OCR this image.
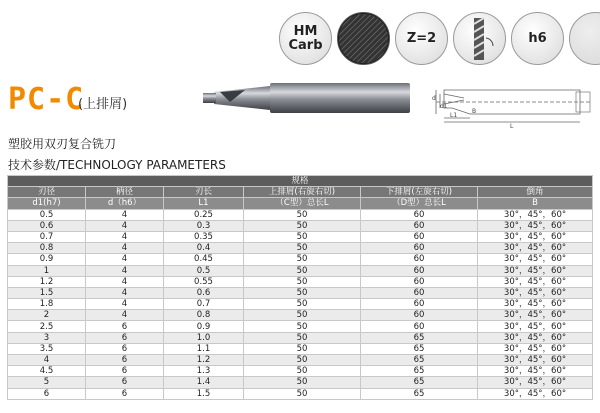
HM
Carb	Z=2	h6
PC-C
(上排屑)	d
d1
L1
B
L
塑胶用双刃复合铣刀
技术参数/TECHNOLOGY PARAMETERS
规格					
刃径	柄径	刃长	上排屑(右旋右切)	下排屑(左旋右切)	倒角
d1(h7)	d（h6）	L1	（C型）总长L	（D型）总长L	B
0.5	4	0.25	50	60	30°，45°，60°
0.6	4	0.3	50	60	30°，45°，60°
0.7	4	0.35	50	60	30°，45°，60°
0.8	4	0.4	50	60	30°，45°，60°
0.9	4	0.45	50	60	30°，45°，60°
1	4	0.5	50	60	30°，45°，60°
1.2	4	0.55	50	60	30°，45°，60°
1.5	4	0.6	50	60	30°，45°，60°
1.8	4	0.7	50	60	30°，45°，60°
2	4	0.8	50	60	30°，45°，60°
2.5	6	0.9	50	60	30°，45°，60°
3	6	1.0	50	65	30°，45°，60°
3.5	6	1.1	50	65	30°，45°，60°
4	6	1.2	50	65	30°，45°，60°
4.5	6	1.3	50	65	30°，45°，60°
5	6	1.4	50	65	30°，45°，60°
6	6	1.5	50	65	30°，45°，60°
